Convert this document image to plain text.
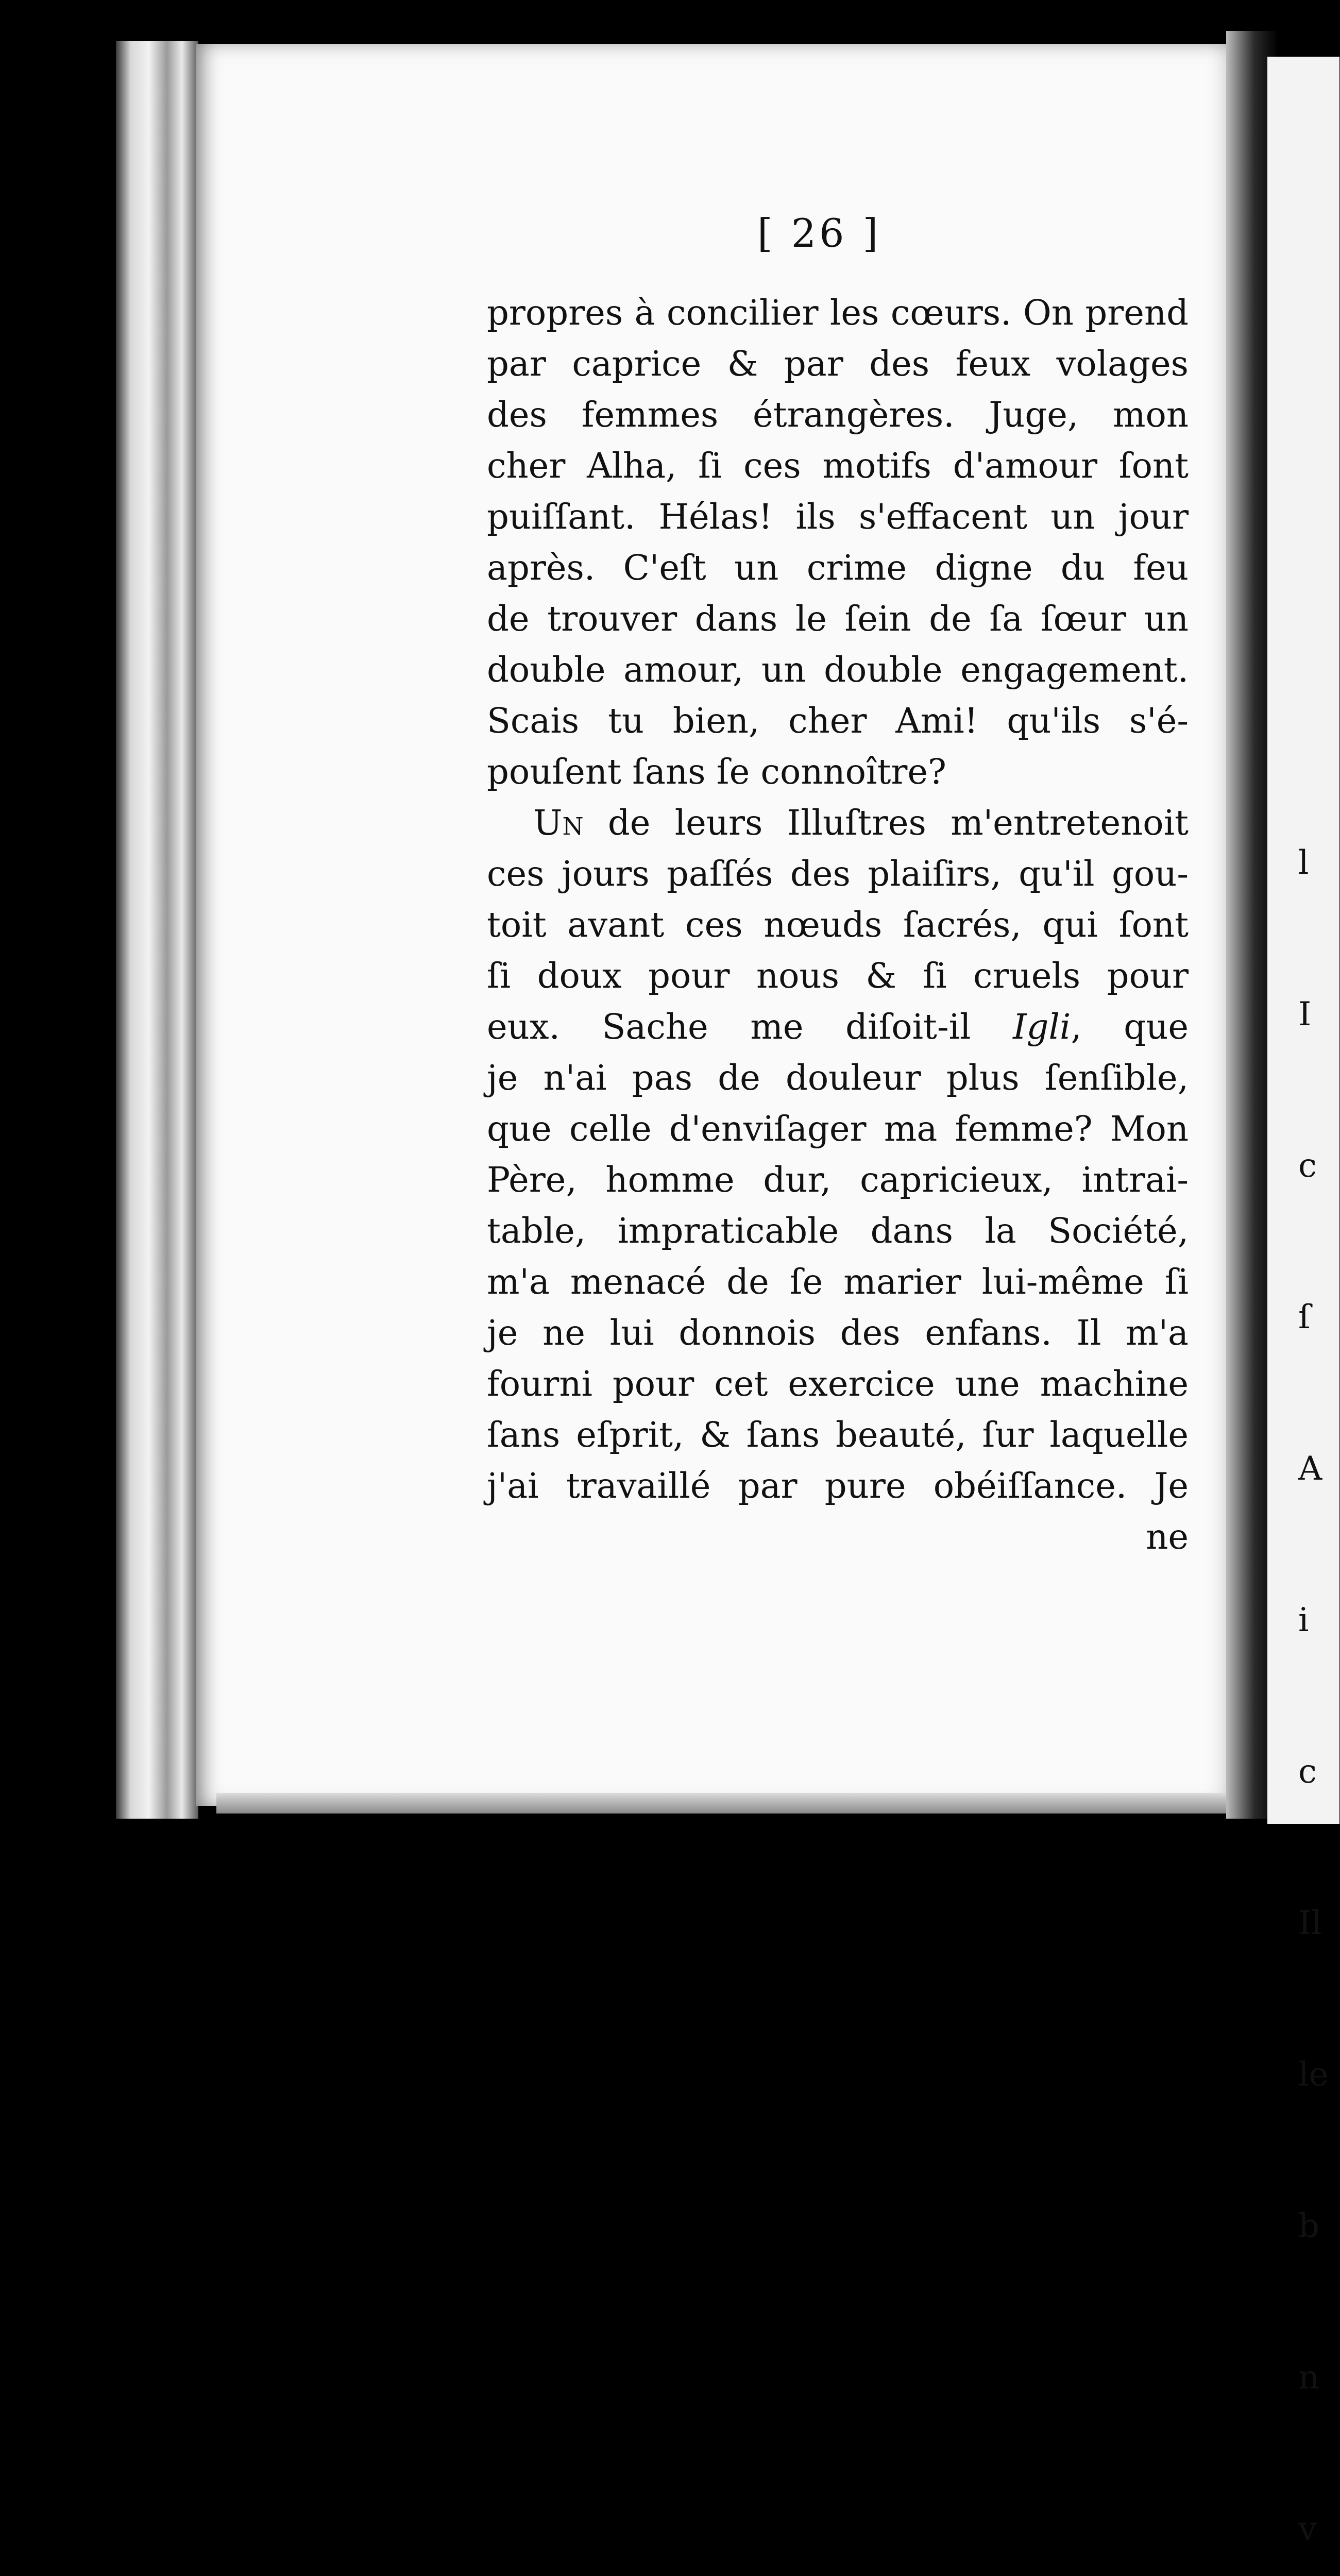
l

I

c

ſ

A

i

c

Il

le

b

n

v

[ 26 ]
propres à concilier les cœurs. On prend
par caprice & par des feux volages
des femmes étrangères. Juge, mon
cher Alha, ſi ces motifs d'amour ſont
puiſſant. Hélas! ils s'effacent un jour
après. C'eſt un crime digne du feu
de trouver dans le ſein de ſa ſœur un
double amour, un double engagement.
Scais tu bien, cher Ami! qu'ils s'é-
pouſent ſans ſe connoître?
Un de leurs Illuſtres m'entretenoit
ces jours paſſés des plaiſirs, qu'il gou-
toit avant ces nœuds ſacrés, qui ſont
ſi doux pour nous & ſi cruels pour
eux. Sache me diſoit-il Igli, que
je n'ai pas de douleur plus ſenſible,
que celle d'enviſager ma femme? Mon
Père, homme dur, capricieux, intrai-
table, impraticable dans la Société,
m'a menacé de ſe marier lui-même ſi
je ne lui donnois des enfans. Il m'a
fourni pour cet exercice une machine
ſans eſprit, & ſans beauté, ſur laquelle
j'ai travaillé par pure obéiſſance. Je
ne
